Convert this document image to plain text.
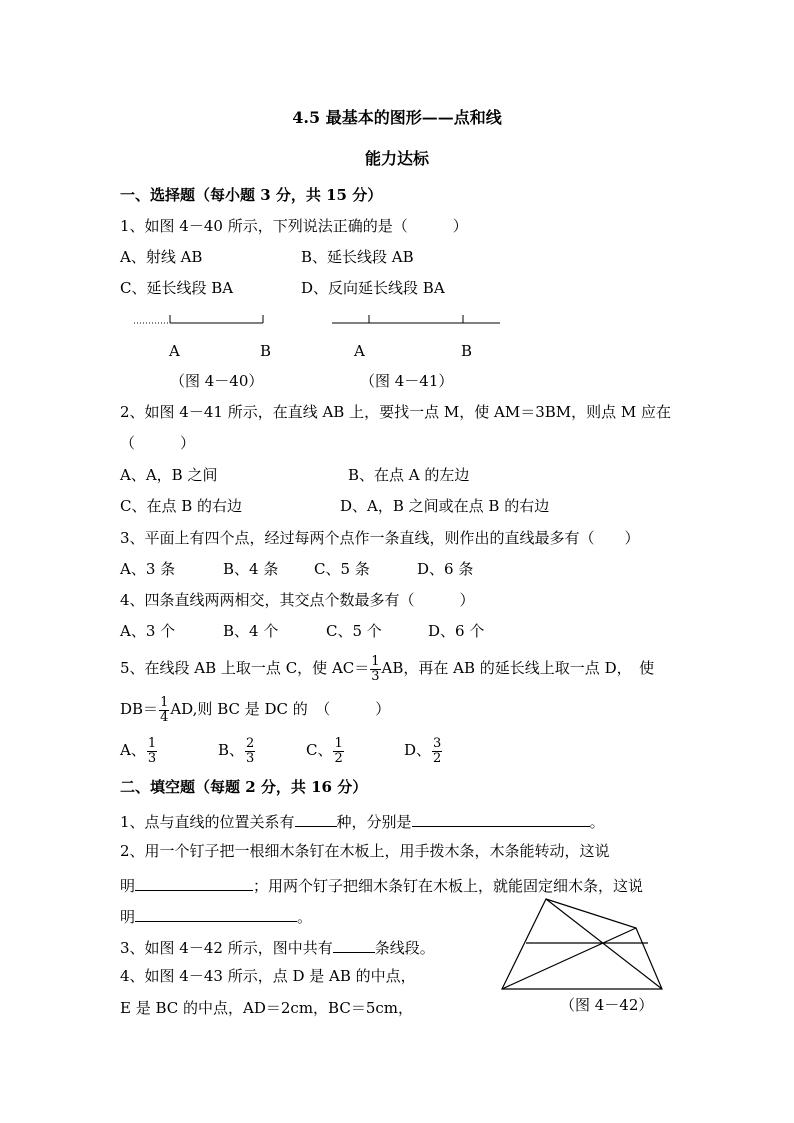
4.5 最基本的图形——点和线
能力达标
一、选择题（每小题 3 分，共 15 分）
1、如图 4－40 所示，下列说法正确的是（　　　）
A、射线 AB	B、延长线段 AB
C、延长线段 BA	D、反向延长线段 BA
A	B
（图 4－40）
A	B
（图 4－41）
2、如图 4－41 所示，在直线 AB 上，要找一点 M，使 AM＝3BM，则点 M 应在
（　　　）
A、A，B 之间	B、在点 A 的左边
C、在点 B 的右边	D、A，B 之间或在点 B 的右边
3、平面上有四个点，经过每两个点作一条直线，则作出的直线最多有（　　）
A、3 条	B、4 条 C、5 条	D、6 条
4、四条直线两两相交，其交点个数最多有（　　　）
A、3 个	B、4 个	C、5 个	D、6 个
5、在线段 AB 上取一点 C，使 $AC= \frac{1}{3}$ AB，再在 AB 的延长线上取一点 D，　使
$DB= \frac{1}{4}$ AD,则 BC 是 DC 的　（　　　）
A、 $\frac{1}{3}$	B、 $\frac{2}{3}$	C、 $\frac{1}{2}$	D、 $\frac{3}{2}$
二、填空题（每题 2 分，共 16 分）
1、点与直线的位置关系有	种，分别是	。
2、用一个钉子把一根细木条钉在木板上，用手拨木条，木条能转动，这说
明	；用两个钉子把细木条钉在木板上，就能固定细木条，这说
明	。
3、如图 4－42 所示，图中共有	条线段。
4、如图 4－43 所示，点 D 是 AB 的中点，
E 是 BC 的中点，AD＝2cm，BC＝5cm，	（图 4－42）
